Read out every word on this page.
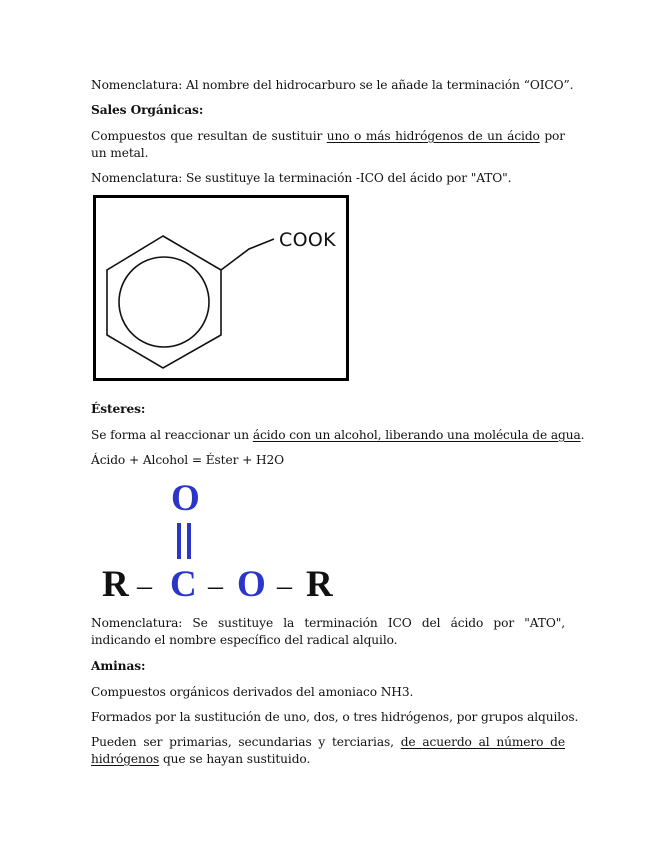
Nomenclatura: Al nombre del hidrocarburo se le añade la terminación “OICO”.
Sales Orgánicas:
Compuestos que resultan de sustituir uno o más hidrógenos de un ácido por un metal.
Nomenclatura: Se sustituye la terminación -ICO del ácido por "ATO".
COOK
Ésteres:
Se forma al reaccionar un ácido con un alcohol, liberando una molécula de agua.
Ácido + Alcohol = Éster + H2O
O
R – C – O – R
Nomenclatura: Se sustituye la terminación ICO del ácido por "ATO", indicando el nombre específico del radical alquilo.
Aminas:
Compuestos orgánicos derivados del amoniaco NH3.
Formados por la sustitución de uno, dos, o tres hidrógenos, por grupos alquilos.
Pueden ser primarias, secundarias y terciarias, de acuerdo al número de hidrógenos que se hayan sustituido.
